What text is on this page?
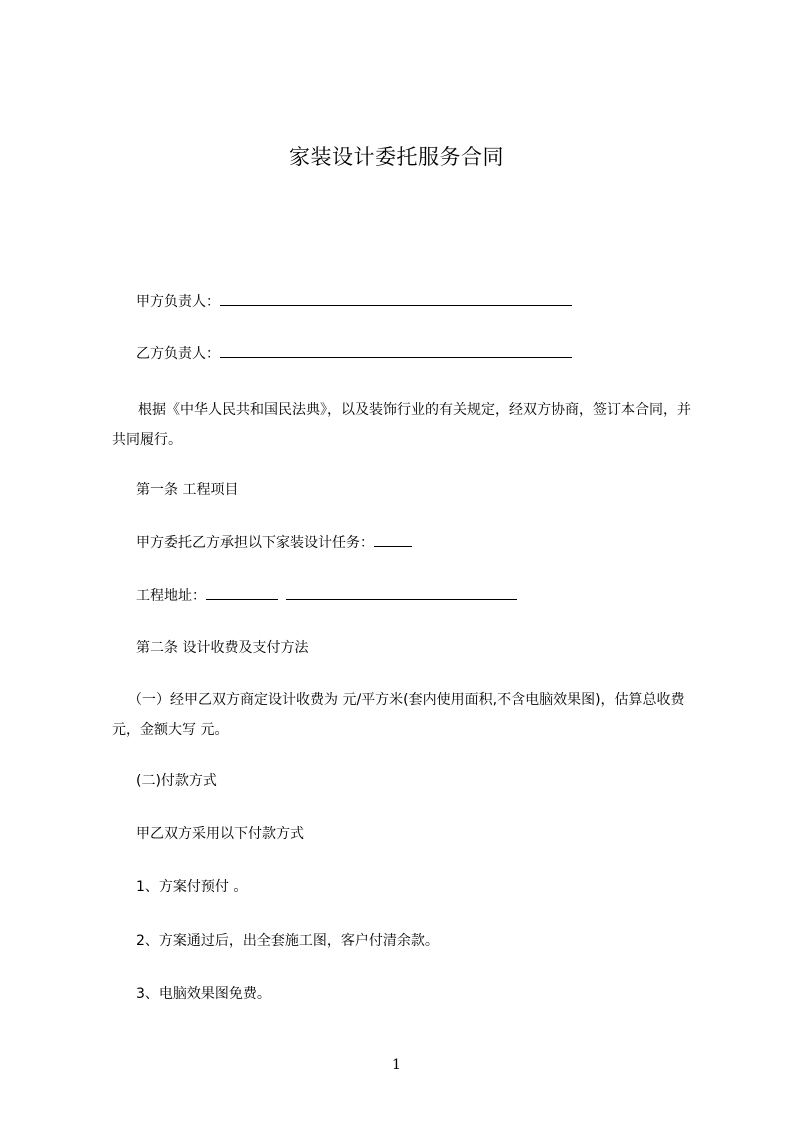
家装设计委托服务合同
甲方负责人：
乙方负责人：
根据《中华人民共和国民法典》，以及装饰行业的有关规定，经双方协商，签订本合同，并共同履行。
第一条 工程项目
甲方委托乙方承担以下家装设计任务：
工程地址：
第二条 设计收费及支付方法
（一）经甲乙双方商定设计收费为 元/平方米(套内使用面积,不含电脑效果图)，估算总收费 元，金额大写 元。
(二)付款方式
甲乙双方采用以下付款方式
1、方案付预付 。
2、方案通过后，出全套施工图，客户付清余款。
3、电脑效果图免费。
1
